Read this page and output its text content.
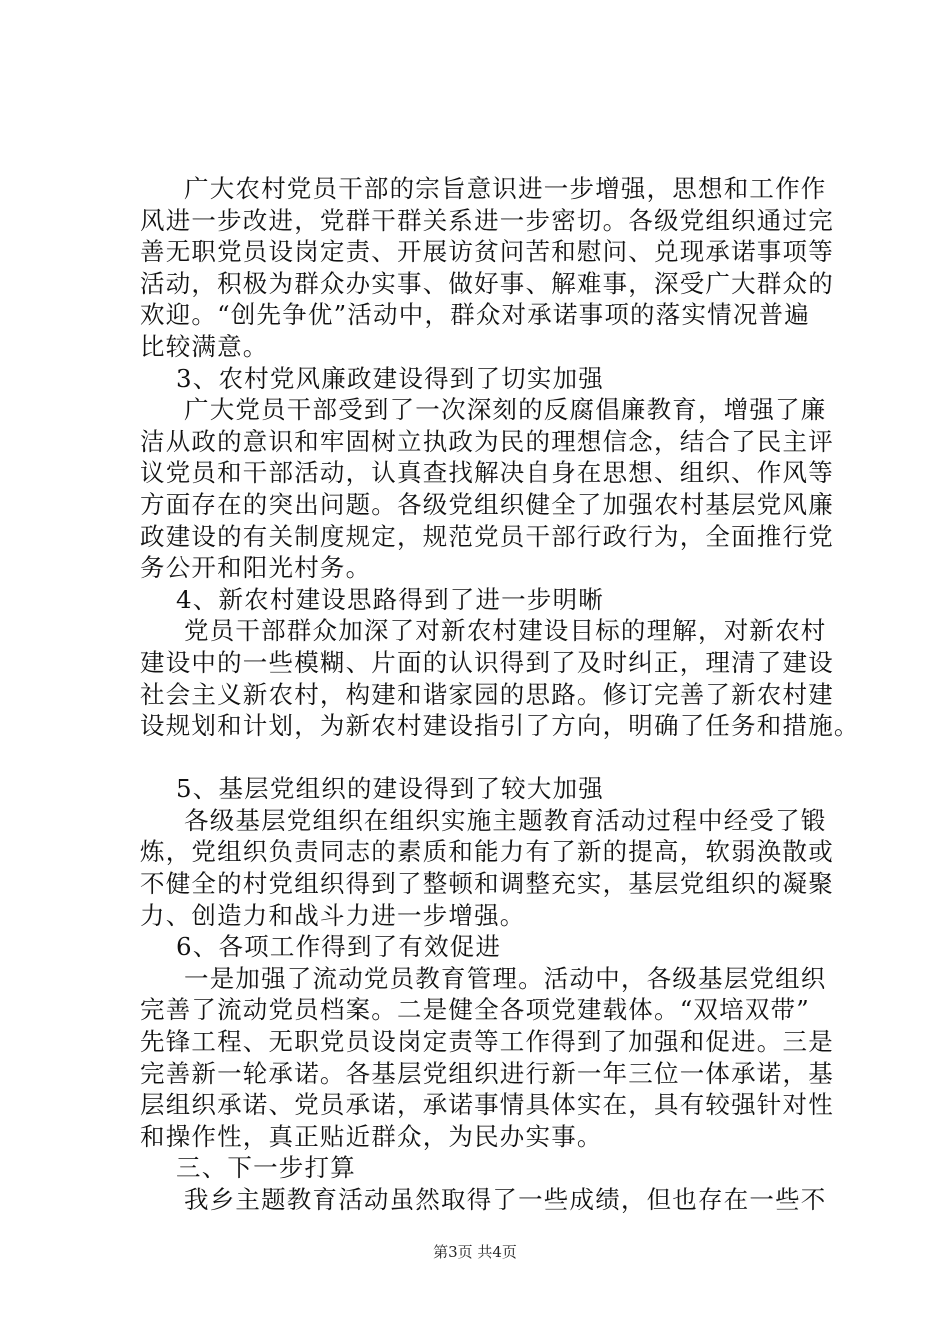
广大农村党员干部的宗旨意识进一步增强，思想和工作作
风进一步改进，党群干群关系进一步密切。各级党组织通过完
善无职党员设岗定责、开展访贫问苦和慰问、兑现承诺事项等
活动，积极为群众办实事、做好事、解难事，深受广大群众的
欢迎。“创先争优”活动中，群众对承诺事项的落实情况普遍
比较满意。
3、农村党风廉政建设得到了切实加强
广大党员干部受到了一次深刻的反腐倡廉教育，增强了廉
洁从政的意识和牢固树立执政为民的理想信念，结合了民主评
议党员和干部活动，认真查找解决自身在思想、组织、作风等
方面存在的突出问题。各级党组织健全了加强农村基层党风廉
政建设的有关制度规定，规范党员干部行政行为，全面推行党
务公开和阳光村务。
4、新农村建设思路得到了进一步明晰
党员干部群众加深了对新农村建设目标的理解，对新农村
建设中的一些模糊、片面的认识得到了及时纠正，理清了建设
社会主义新农村，构建和谐家园的思路。修订完善了新农村建
设规划和计划，为新农村建设指引了方向，明确了任务和措施。
5、基层党组织的建设得到了较大加强
各级基层党组织在组织实施主题教育活动过程中经受了锻
炼，党组织负责同志的素质和能力有了新的提高，软弱涣散或
不健全的村党组织得到了整顿和调整充实，基层党组织的凝聚
力、创造力和战斗力进一步增强。
6、各项工作得到了有效促进
一是加强了流动党员教育管理。活动中，各级基层党组织
完善了流动党员档案。二是健全各项党建载体。“双培双带”
先锋工程、无职党员设岗定责等工作得到了加强和促进。三是
完善新一轮承诺。各基层党组织进行新一年三位一体承诺，基
层组织承诺、党员承诺，承诺事情具体实在，具有较强针对性
和操作性，真正贴近群众，为民办实事。
三、下一步打算
我乡主题教育活动虽然取得了一些成绩，但也存在一些不
第3页 共4页
